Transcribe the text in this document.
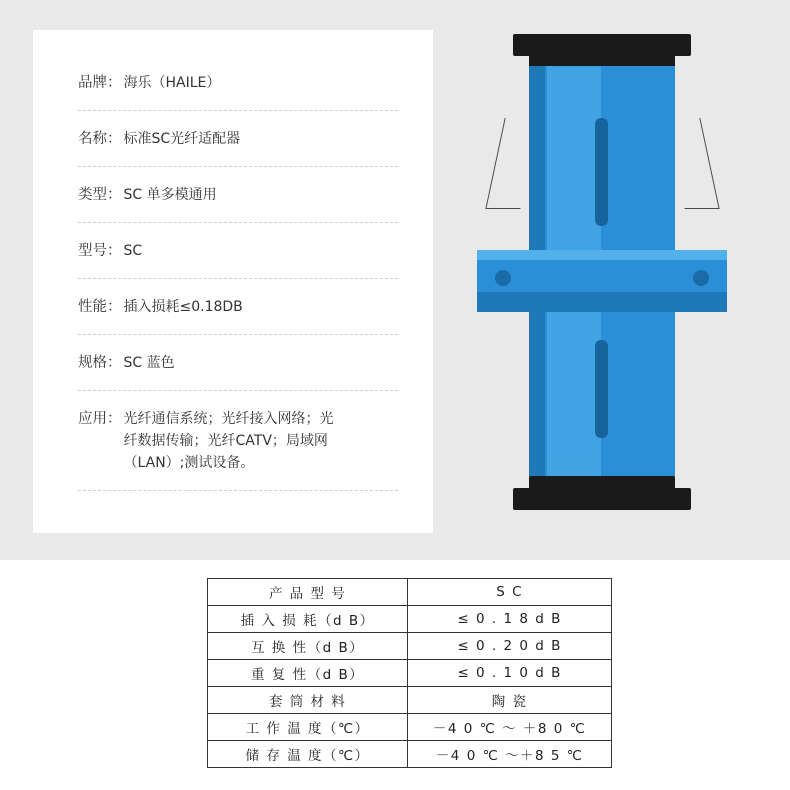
品牌： 海乐（HAILE）
名称： 标准SC光纤适配器
类型： SC 单多模通用
型号： SC
性能： 插入损耗≤0.18DB
规格： SC 蓝色
应用： 光纤通信系统；光纤接入网络；光纤数据传输；光纤CATV；局域网（LAN）;测试设备。
产 品 型 号	S C
插 入 损 耗（d B）	≤ 0 . 1 8 d B
互 换 性（d B）	≤ 0 . 2 0 d B
重 复 性（d B）	≤ 0 . 1 0 d B
套 筒 材 料	陶 瓷
工 作 温 度（℃）	－4 0 ℃ ～ ＋8 0 ℃
储 存 温 度（℃）	－4 0 ℃ ～＋8 5 ℃
